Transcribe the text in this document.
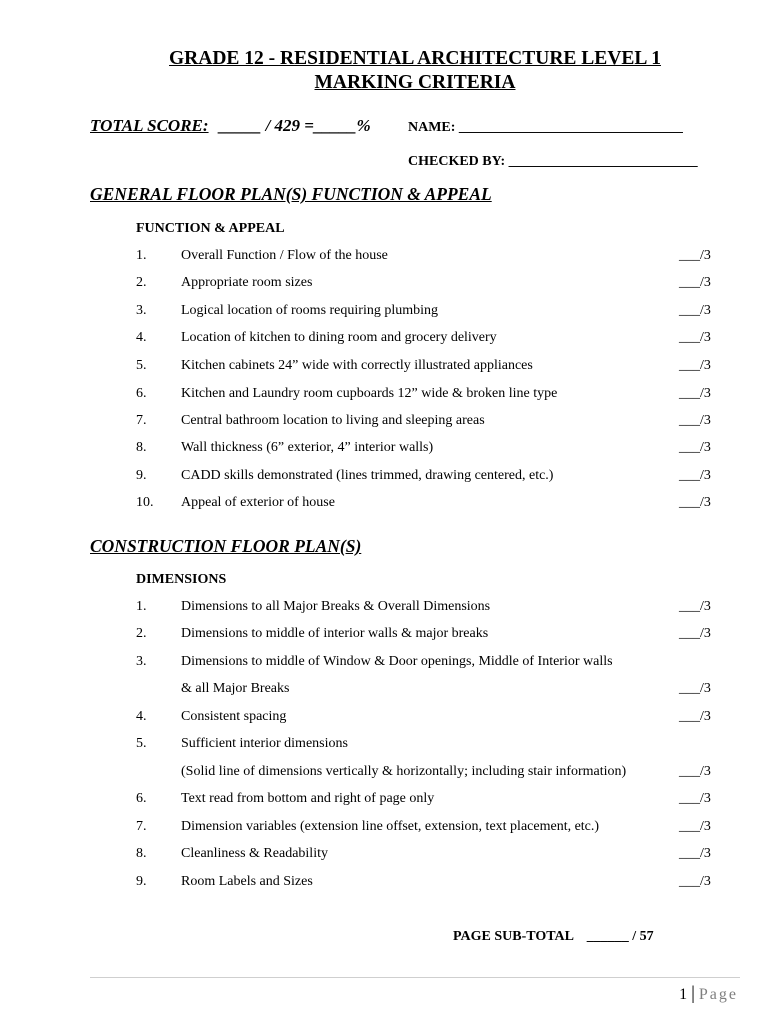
GRADE 12 - RESIDENTIAL ARCHITECTURE LEVEL 1
MARKING CRITERIA
TOTAL SCORE: _____ / 429 =_____%	NAME: ________________________________
CHECKED BY: ___________________________
GENERAL FLOOR PLAN(S) FUNCTION & APPEAL
FUNCTION & APPEAL
1. Overall Function / Flow of the house	___/3
2. Appropriate room sizes	___/3
3. Logical location of rooms requiring plumbing	___/3
4. Location of kitchen to dining room and grocery delivery	___/3
5. Kitchen cabinets 24” wide with correctly illustrated appliances	___/3
6. Kitchen and Laundry room cupboards 12” wide & broken line type	___/3
7. Central bathroom location to living and sleeping areas	___/3
8. Wall thickness (6” exterior, 4” interior walls)	___/3
9. CADD skills demonstrated (lines trimmed, drawing centered, etc.)	___/3
10. Appeal of exterior of house	___/3
CONSTRUCTION FLOOR PLAN(S)
DIMENSIONS
1. Dimensions to all Major Breaks & Overall Dimensions	___/3
2. Dimensions to middle of interior walls & major breaks	___/3
3. Dimensions to middle of Window & Door openings, Middle of Interior walls
& all Major Breaks	___/3
4. Consistent spacing	___/3
5. Sufficient interior dimensions
(Solid line of dimensions vertically & horizontally; including stair information)	___/3
6. Text read from bottom and right of page only	___/3
7. Dimension variables (extension line offset, extension, text placement, etc.)	___/3
8. Cleanliness & Readability	___/3
9. Room Labels and Sizes	___/3
PAGE SUB-TOTAL ______ / 57
1 | Page
